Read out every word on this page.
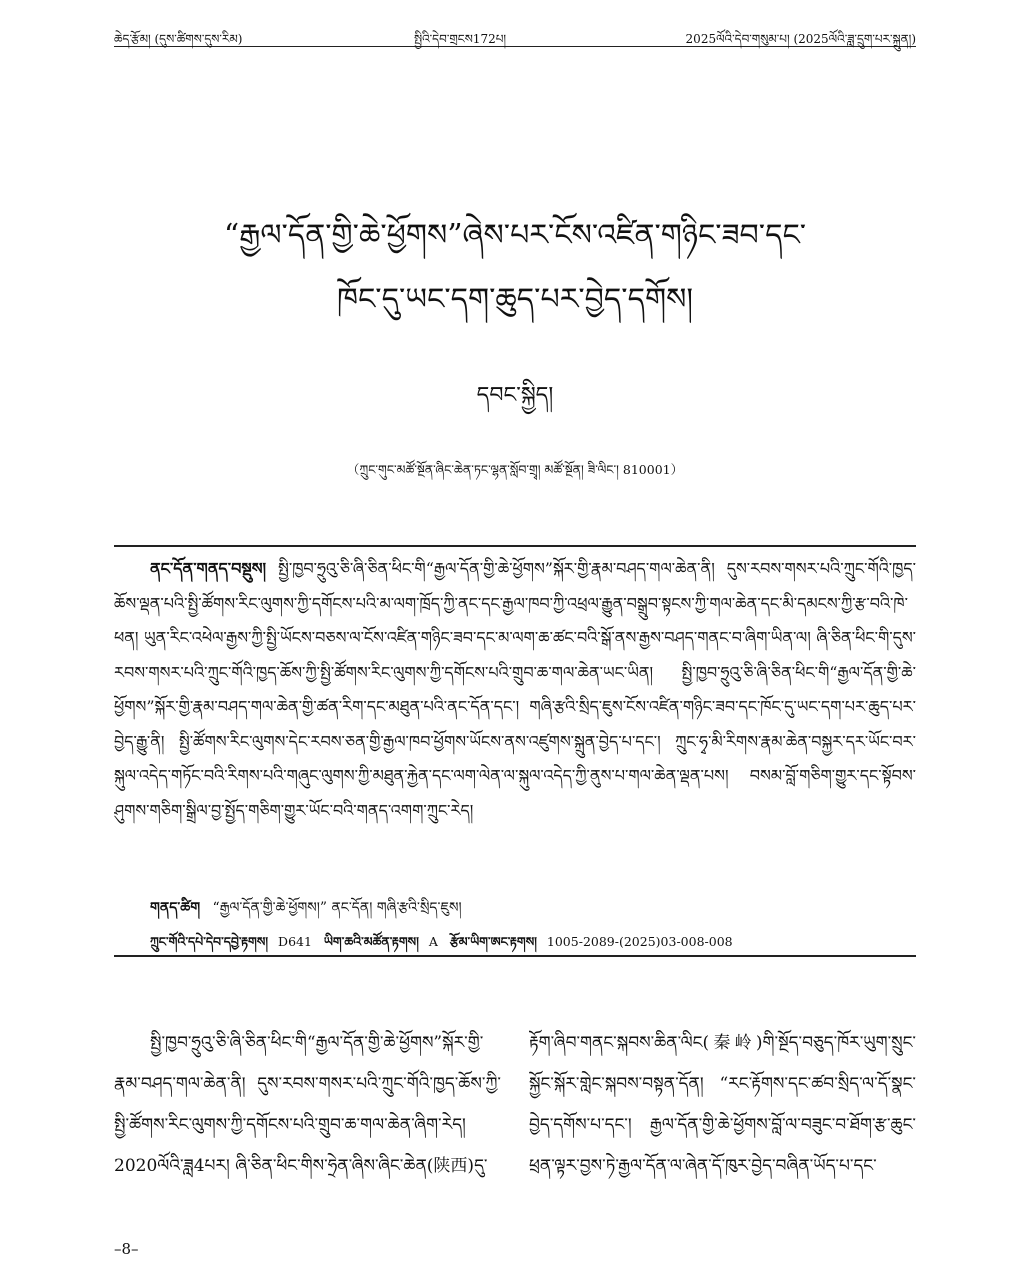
ཆེད་རྩོམ། (དུས་ཚིགས་དུས་རིམ)	སྤྱིའི་དེབ་གྲངས172པ།	2025ལོའི་དེབ་གསུམ་པ། (2025ལོའི་ཟླ་དྲུག་པར་སྐྲུན།)
“རྒྱལ་དོན་གྱི་ཆེ་ཕྱོགས”ཞེས་པར་ངོས་འཛིན་གཉིང་ཟབ་དང་
ཁོང་དུ་ཡང་དག་ཆུད་པར་བྱེད་དགོས།
དབང་སྐྱིད།
（ཀྲུང་གུང་མཚོ་སྔོན་ཞིང་ཆེན་ཏང་ལྷན་སློབ་གྲྭ། མཚོ་སྔོན། ཟི་ལིང་། 810001）

ནང་དོན་གནད་བསྡུས། སྤྱི་ཁྱབ་ཧྲུའུ་ཅི་ཞི་ཅིན་ཕིང་གི“རྒྱལ་དོན་གྱི་ཆེ་ཕྱོགས”སྐོར་གྱི་རྣམ་བཤད་གལ་ཆེན་ནི། དུས་རབས་གསར་པའི་ཀྲུང་གོའི་ཁྱད་ཆོས་ལྡན་པའི་སྤྱི་ཚོགས་རིང་ལུགས་ཀྱི་དགོངས་པའི་མ་ལག་ཁྲོད་ཀྱི་ནང་དང་རྒྱལ་ཁབ་ཀྱི་འཕྲལ་རྒྱུན་བསྒྲུབ་སྟངས་ཀྱི་གལ་ཆེན་དང་མི་དམངས་ཀྱི་རྩ་བའི་ཁེ་ཕན། ཡུན་རིང་འཕེལ་རྒྱས་ཀྱི་སྤྱི་ཡོངས་བཅས་ལ་ངོས་འཛིན་གཉིང་ཟབ་དང་མ་ལག་ཆ་ཚང་བའི་སྒོ་ནས་རྒྱས་བཤད་གནང་བ་ཞིག་ཡིན་ལ། ཞི་ཅིན་ཕིང་གི་དུས་རབས་གསར་པའི་ཀྲུང་གོའི་ཁྱད་ཆོས་ཀྱི་སྤྱི་ཚོགས་རིང་ལུགས་ཀྱི་དགོངས་པའི་གྲུབ་ཆ་གལ་ཆེན་ཡང་ཡིན། སྤྱི་ཁྱབ་ཧྲུའུ་ཅི་ཞི་ཅིན་ཕིང་གི“རྒྱལ་དོན་གྱི་ཆེ་ཕྱོགས”སྐོར་གྱི་རྣམ་བཤད་གལ་ཆེན་གྱི་ཚན་རིག་དང་མཐུན་པའི་ནང་དོན་དང་། གཞི་རྩའི་སྲིད་ཇུས་ངོས་འཛིན་གཉིང་ཟབ་དང་ཁོང་དུ་ཡང་དག་པར་ཆུད་པར་བྱེད་རྒྱུ་ནི། སྤྱི་ཚོགས་རིང་ལུགས་དེང་རབས་ཅན་གྱི་རྒྱལ་ཁབ་ཕྱོགས་ཡོངས་ནས་འཛུགས་སྐྲུན་བྱེད་པ་དང་། ཀྲུང་ཧྭ་མི་རིགས་རྣམ་ཆེན་བསྐྱར་དར་ཡོང་བར་སྐུལ་འདེད་གཏོང་བའི་རིགས་པའི་གཞུང་ལུགས་ཀྱི་མཐུན་རྐྱེན་དང་ལག་ལེན་ལ་སྐུལ་འདེད་ཀྱི་ནུས་པ་གལ་ཆེན་ལྡན་པས། བསམ་བློ་གཅིག་གྱུར་དང་སྟོབས་ཤུགས་གཅིག་སྒྲིལ་བྱ་སྤྱོད་གཅིག་གྱུར་ཡོང་བའི་གནད་འགག་ཀྲུང་རེད།

གནད་ཚིག “རྒྱལ་དོན་གྱི་ཆེ་ཕྱོགས།” ནང་དོན། གཞི་རྩའི་སྲིད་ཇུས།
ཀྲུང་གོའི་དཔེ་དེབ་དབྱེ་རྟགས། D641 ཡིག་ཆའི་མཚོན་རྟགས། A རྩོམ་ཡིག་ཨང་རྟགས། 1005-2089-(2025)03-008-008

སྤྱི་ཁྱབ་ཧྲུའུ་ཅི་ཞི་ཅིན་ཕིང་གི“རྒྱལ་དོན་གྱི་ཆེ་ཕྱོགས”སྐོར་གྱི་རྣམ་བཤད་གལ་ཆེན་ནི། དུས་རབས་གསར་པའི་ཀྲུང་གོའི་ཁྱད་ཆོས་ཀྱི་སྤྱི་ཚོགས་རིང་ལུགས་ཀྱི་དགོངས་པའི་གྲུབ་ཆ་གལ་ཆེན་ཞིག་རེད། 2020ལོའི་ཟླ4པར། ཞི་ཅིན་ཕིང་གིས་ཧྲེན་ཞིས་ཞིང་ཆེན(陕西)དུ་

རྟོག་ཞིབ་གནང་སྐབས་ཆིན་ལིང(秦岭)གི་སྔོད་བཅུད་ཁོར་ཡུག་སྲུང་སྐྱོང་སྐོར་གླེང་སྐབས་བསྟན་དོན། “རང་རྟོགས་དང་ཚབ་སྲིད་ལ་དོ་སྣང་བྱེད་དགོས་པ་དང་། རྒྱལ་དོན་གྱི་ཆེ་ཕྱོགས་བློ་ལ་བཟུང་བ་ཐོག་རྩ་ཆུང་ཕྲན་ལྟར་བྱས་ཏེ་རྒྱལ་དོན་ལ་ཞེན་དོ་ཁུར་བྱེད་བཞིན་ཡོད་པ་དང་

–8–
